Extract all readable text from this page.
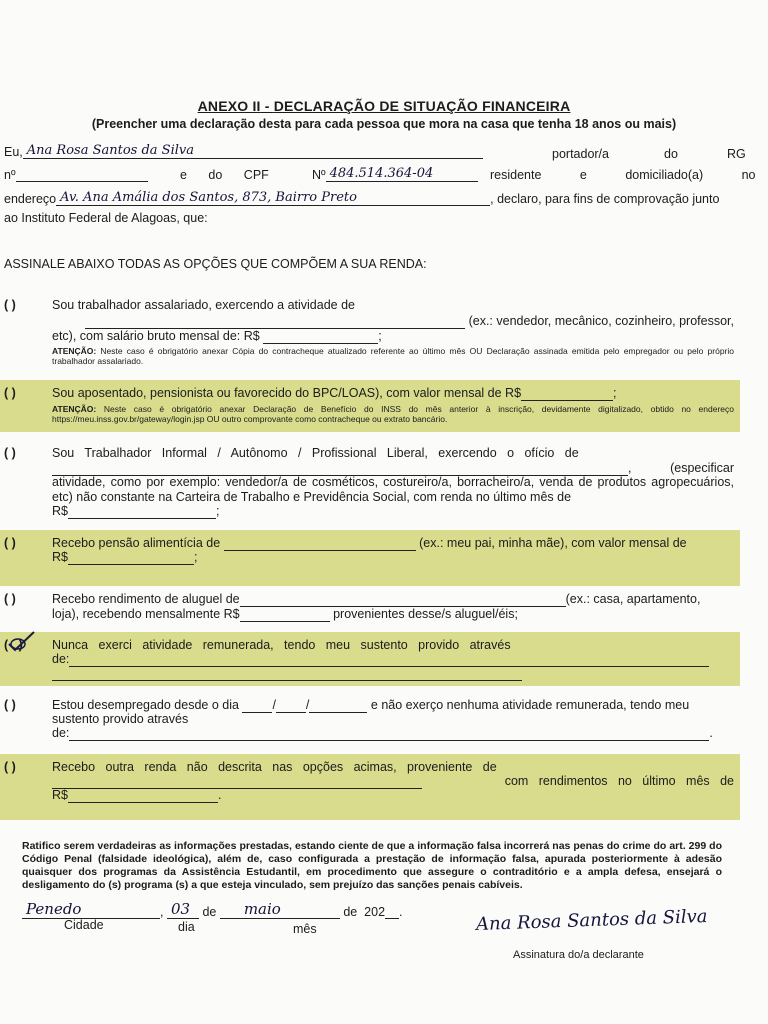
ANEXO II - DECLARAÇÃO DE SITUAÇÃO FINANCEIRA
(Preencher uma declaração desta para cada pessoa que mora na casa que tenha 18 anos ou mais)
Eu, Ana Rosa Santos da Silva	portador/a	do	RG
nº	e do CPF	Nº 484.514.364-04	residente e domiciliado(a) no
endereço Av. Ana Amália dos Santos, 873, Bairro Preto	, declaro, para fins de comprovação junto
ao Instituto Federal de Alagoas, que:
ASSINALE ABAIXO TODAS AS OPÇÕES QUE COMPÕEM A SUA RENDA:
( )	Sou trabalhador assalariado, exercendo a atividade de
(ex.: vendedor, mecânico, cozinheiro, professor,
etc), com salário bruto mensal de: R$	;
ATENÇÃO: Neste caso é obrigatório anexar Cópia do contracheque atualizado referente ao último mês OU Declaração assinada emitida pelo empregador ou pelo próprio trabalhador assalariado.
( )	Sou aposentado, pensionista ou favorecido do BPC/LOAS), com valor mensal de R$	;
ATENÇÃO: Neste caso é obrigatório anexar Declaração de Benefício do INSS do mês anterior à inscrição, devidamente digitalizado, obtido no endereço https://meu.inss.gov.br/gateway/login.jsp OU outro comprovante como contracheque ou extrato bancário.
( )	Sou   Trabalhador   Informal   /   Autônomo   /   Profissional   Liberal,   exercendo   o   ofício   de
,	(especificar
atividade, como por exemplo: vendedor/a de cosméticos, costureiro/a, borracheiro/a, venda de produtos agropecuários, etc) não constante na Carteira de Trabalho e Previdência Social, com renda no último mês de
R$	;
( )	Recebo pensão alimentícia de	(ex.: meu pai, minha mãe), com valor mensal de
R$	;
( )	Recebo rendimento de aluguel de	(ex.: casa, apartamento,
loja), recebendo mensalmente R$	provenientes desse/s aluguel/éis;
(   ) Nunca   exerci   atividade   remunerada,   tendo   meu   sustento   provido   através
de:
( )	Estou desempregado desde o dia	/ /	e não exerço nenhuma atividade remunerada, tendo meu
sustento provido através
de:	.
( )	Recebo   outra   renda   não   descrita   nas   opções   acimas,   proveniente   de
com   rendimentos   no   último   mês   de
R$	.
Ratifico serem verdadeiras as informações prestadas, estando ciente de que a informação falsa incorrerá nas penas do crime do art. 299 do Código Penal (falsidade ideológica), além de, caso configurada a prestação de informação falsa, apurada posteriormente à adesão quaisquer dos programas da Assistência Estudantil, em procedimento que assegure o contraditório e a ampla defesa, ensejará o desligamento do (s) programa (s) a que esteja vinculado, sem prejuízo das sanções penais cabíveis.
Penedo	, 03 de maio	de  202 .
Cidade	dia	mês	Ana Rosa Santos da Silva
Assinatura do/a declarante
